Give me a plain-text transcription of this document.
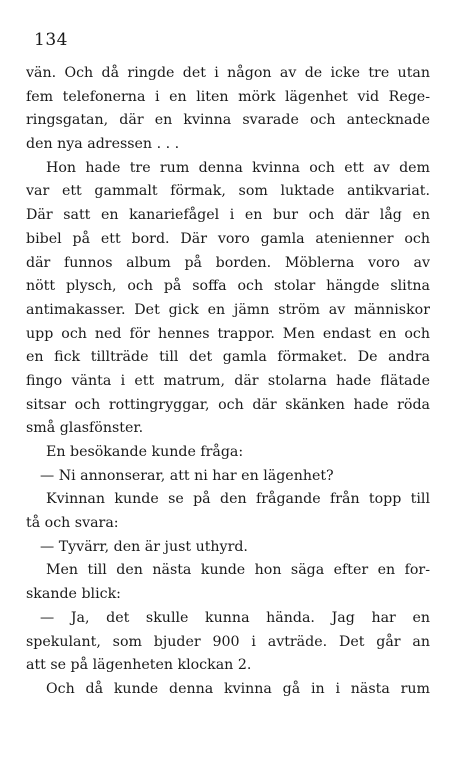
134
vän. Och då ringde det i någon av de icke tre utan
fem telefonerna i en liten mörk lägenhet vid Rege-
ringsgatan, där en kvinna svarade och antecknade
den nya adressen . . .
Hon hade tre rum denna kvinna och ett av dem
var ett gammalt förmak, som luktade antikvariat.
Där satt en kanariefågel i en bur och där låg en
bibel på ett bord. Där voro gamla atenienner och
där funnos album på borden. Möblerna voro av
nött plysch, och på soffa och stolar hängde slitna
antimakasser. Det gick en jämn ström av människor
upp och ned för hennes trappor. Men endast en och
en fick tillträde till det gamla förmaket. De andra
fingo vänta i ett matrum, där stolarna hade flätade
sitsar och rottingryggar, och där skänken hade röda
små glasfönster.
En besökande kunde fråga:
— Ni annonserar, att ni har en lägenhet?
Kvinnan kunde se på den frågande från topp till
tå och svara:
— Tyvärr, den är just uthyrd.
Men till den nästa kunde hon säga efter en for-
skande blick:
— Ja, det skulle kunna hända. Jag har en
spekulant, som bjuder 900 i avträde. Det går an
att se på lägenheten klockan 2.
Och då kunde denna kvinna gå in i nästa rum
